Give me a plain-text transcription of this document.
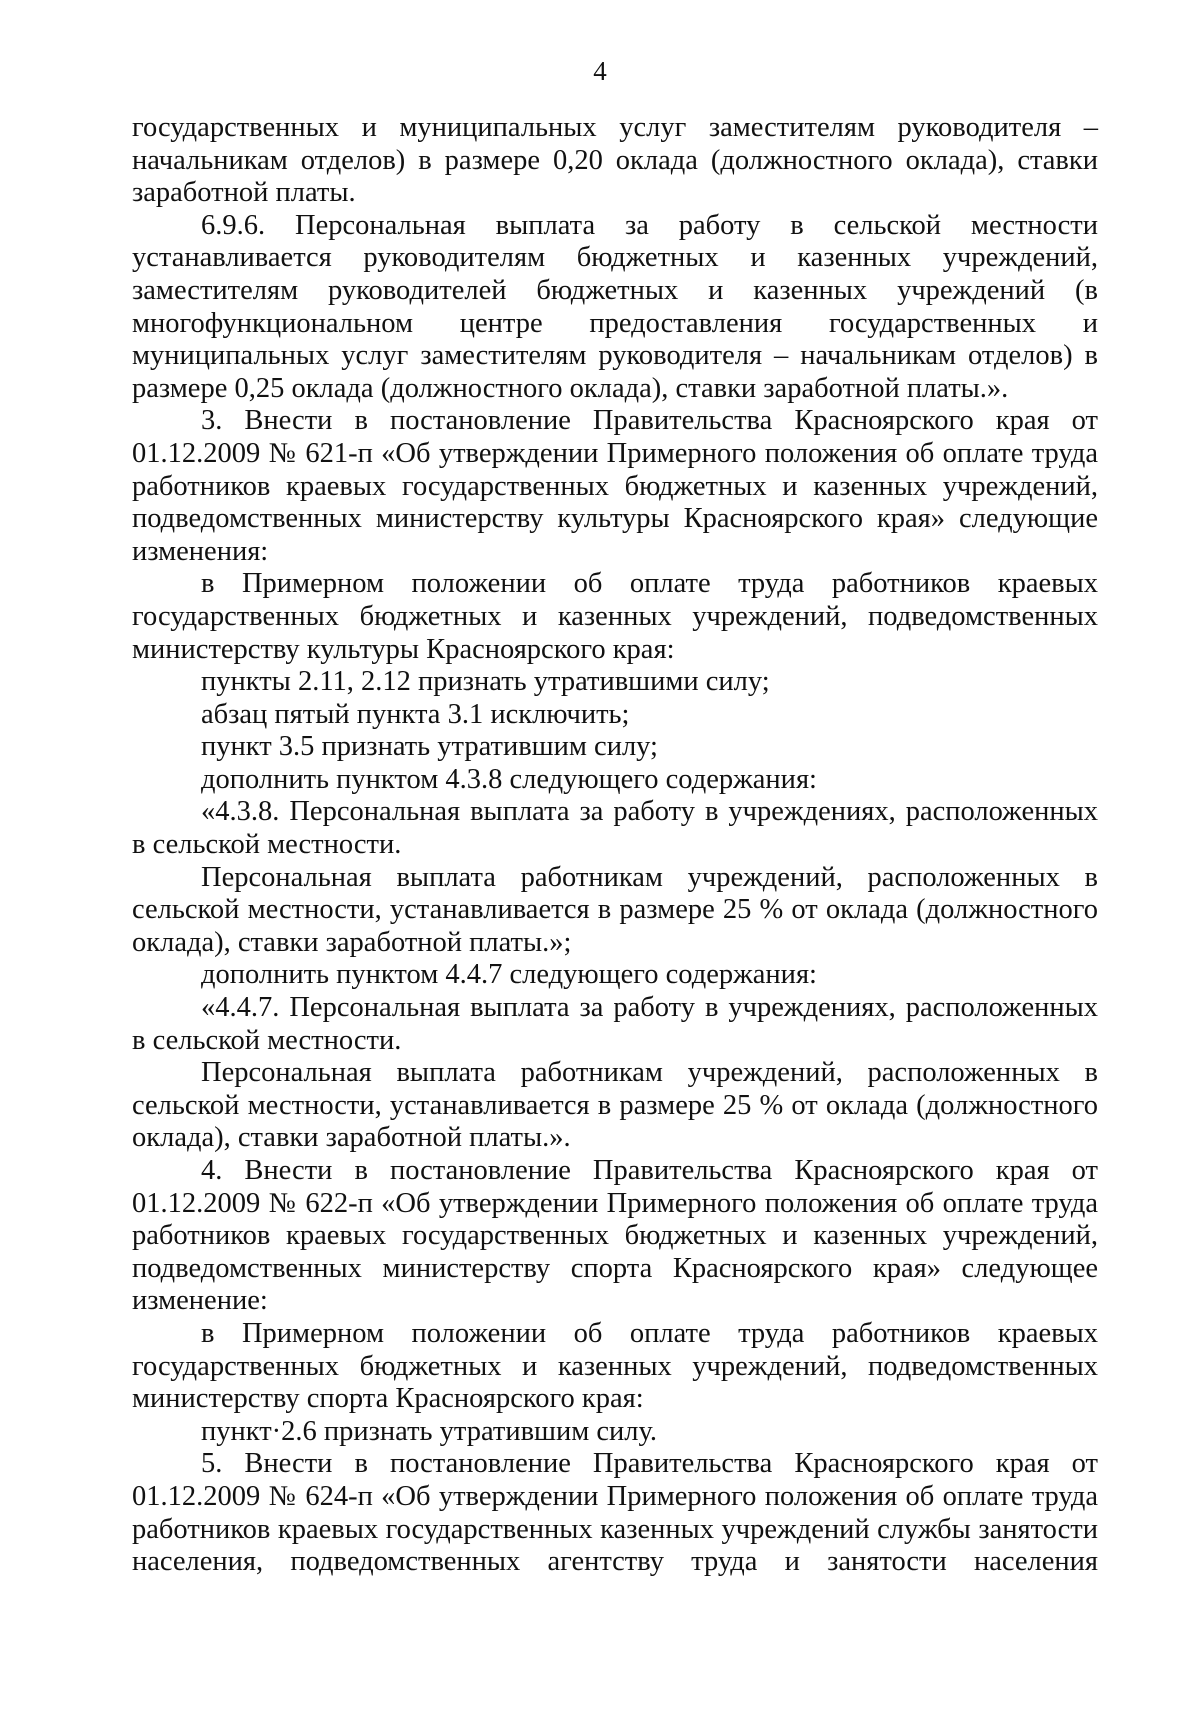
4

государственных и муниципальных услуг заместителям руководителя – начальникам отделов) в размере 0,20 оклада (должностного оклада), ставки заработной платы.

6.9.6. Персональная выплата за работу в сельской местности устанавливается руководителям бюджетных и казенных учреждений, заместителям руководителей бюджетных и казенных учреждений (в многофункциональном центре предоставления государственных и муниципальных услуг заместителям руководителя – начальникам отделов) в размере 0,25 оклада (должностного оклада), ставки заработной платы.».

3. Внести в постановление Правительства Красноярского края от 01.12.2009 № 621-п «Об утверждении Примерного положения об оплате труда работников краевых государственных бюджетных и казенных учреждений, подведомственных министерству культуры Красноярского края» следующие изменения:

в Примерном положении об оплате труда работников краевых государственных бюджетных и казенных учреждений, подведомственных министерству культуры Красноярского края:

пункты 2.11, 2.12 признать утратившими силу;

абзац пятый пункта 3.1 исключить;

пункт 3.5 признать утратившим силу;

дополнить пунктом 4.3.8 следующего содержания:

«4.3.8. Персональная выплата за работу в учреждениях, расположенных в сельской местности.

Персональная выплата работникам учреждений, расположенных в сельской местности, устанавливается в размере 25 % от оклада (должностного оклада), ставки заработной платы.»;

дополнить пунктом 4.4.7 следующего содержания:

«4.4.7. Персональная выплата за работу в учреждениях, расположенных в сельской местности.

Персональная выплата работникам учреждений, расположенных в сельской местности, устанавливается в размере 25 % от оклада (должностного оклада), ставки заработной платы.».

4. Внести в постановление Правительства Красноярского края от 01.12.2009 № 622-п «Об утверждении Примерного положения об оплате труда работников краевых государственных бюджетных и казенных учреждений, подведомственных министерству спорта Красноярского края» следующее изменение:

в Примерном положении об оплате труда работников краевых государственных бюджетных и казенных учреждений, подведомственных министерству спорта Красноярского края:

пункт·2.6 признать утратившим силу.

5. Внести в постановление Правительства Красноярского края от 01.12.2009 № 624-п «Об утверждении Примерного положения об оплате труда работников краевых государственных казенных учреждений службы занятости населения, подведомственных агентству труда и занятости населения
